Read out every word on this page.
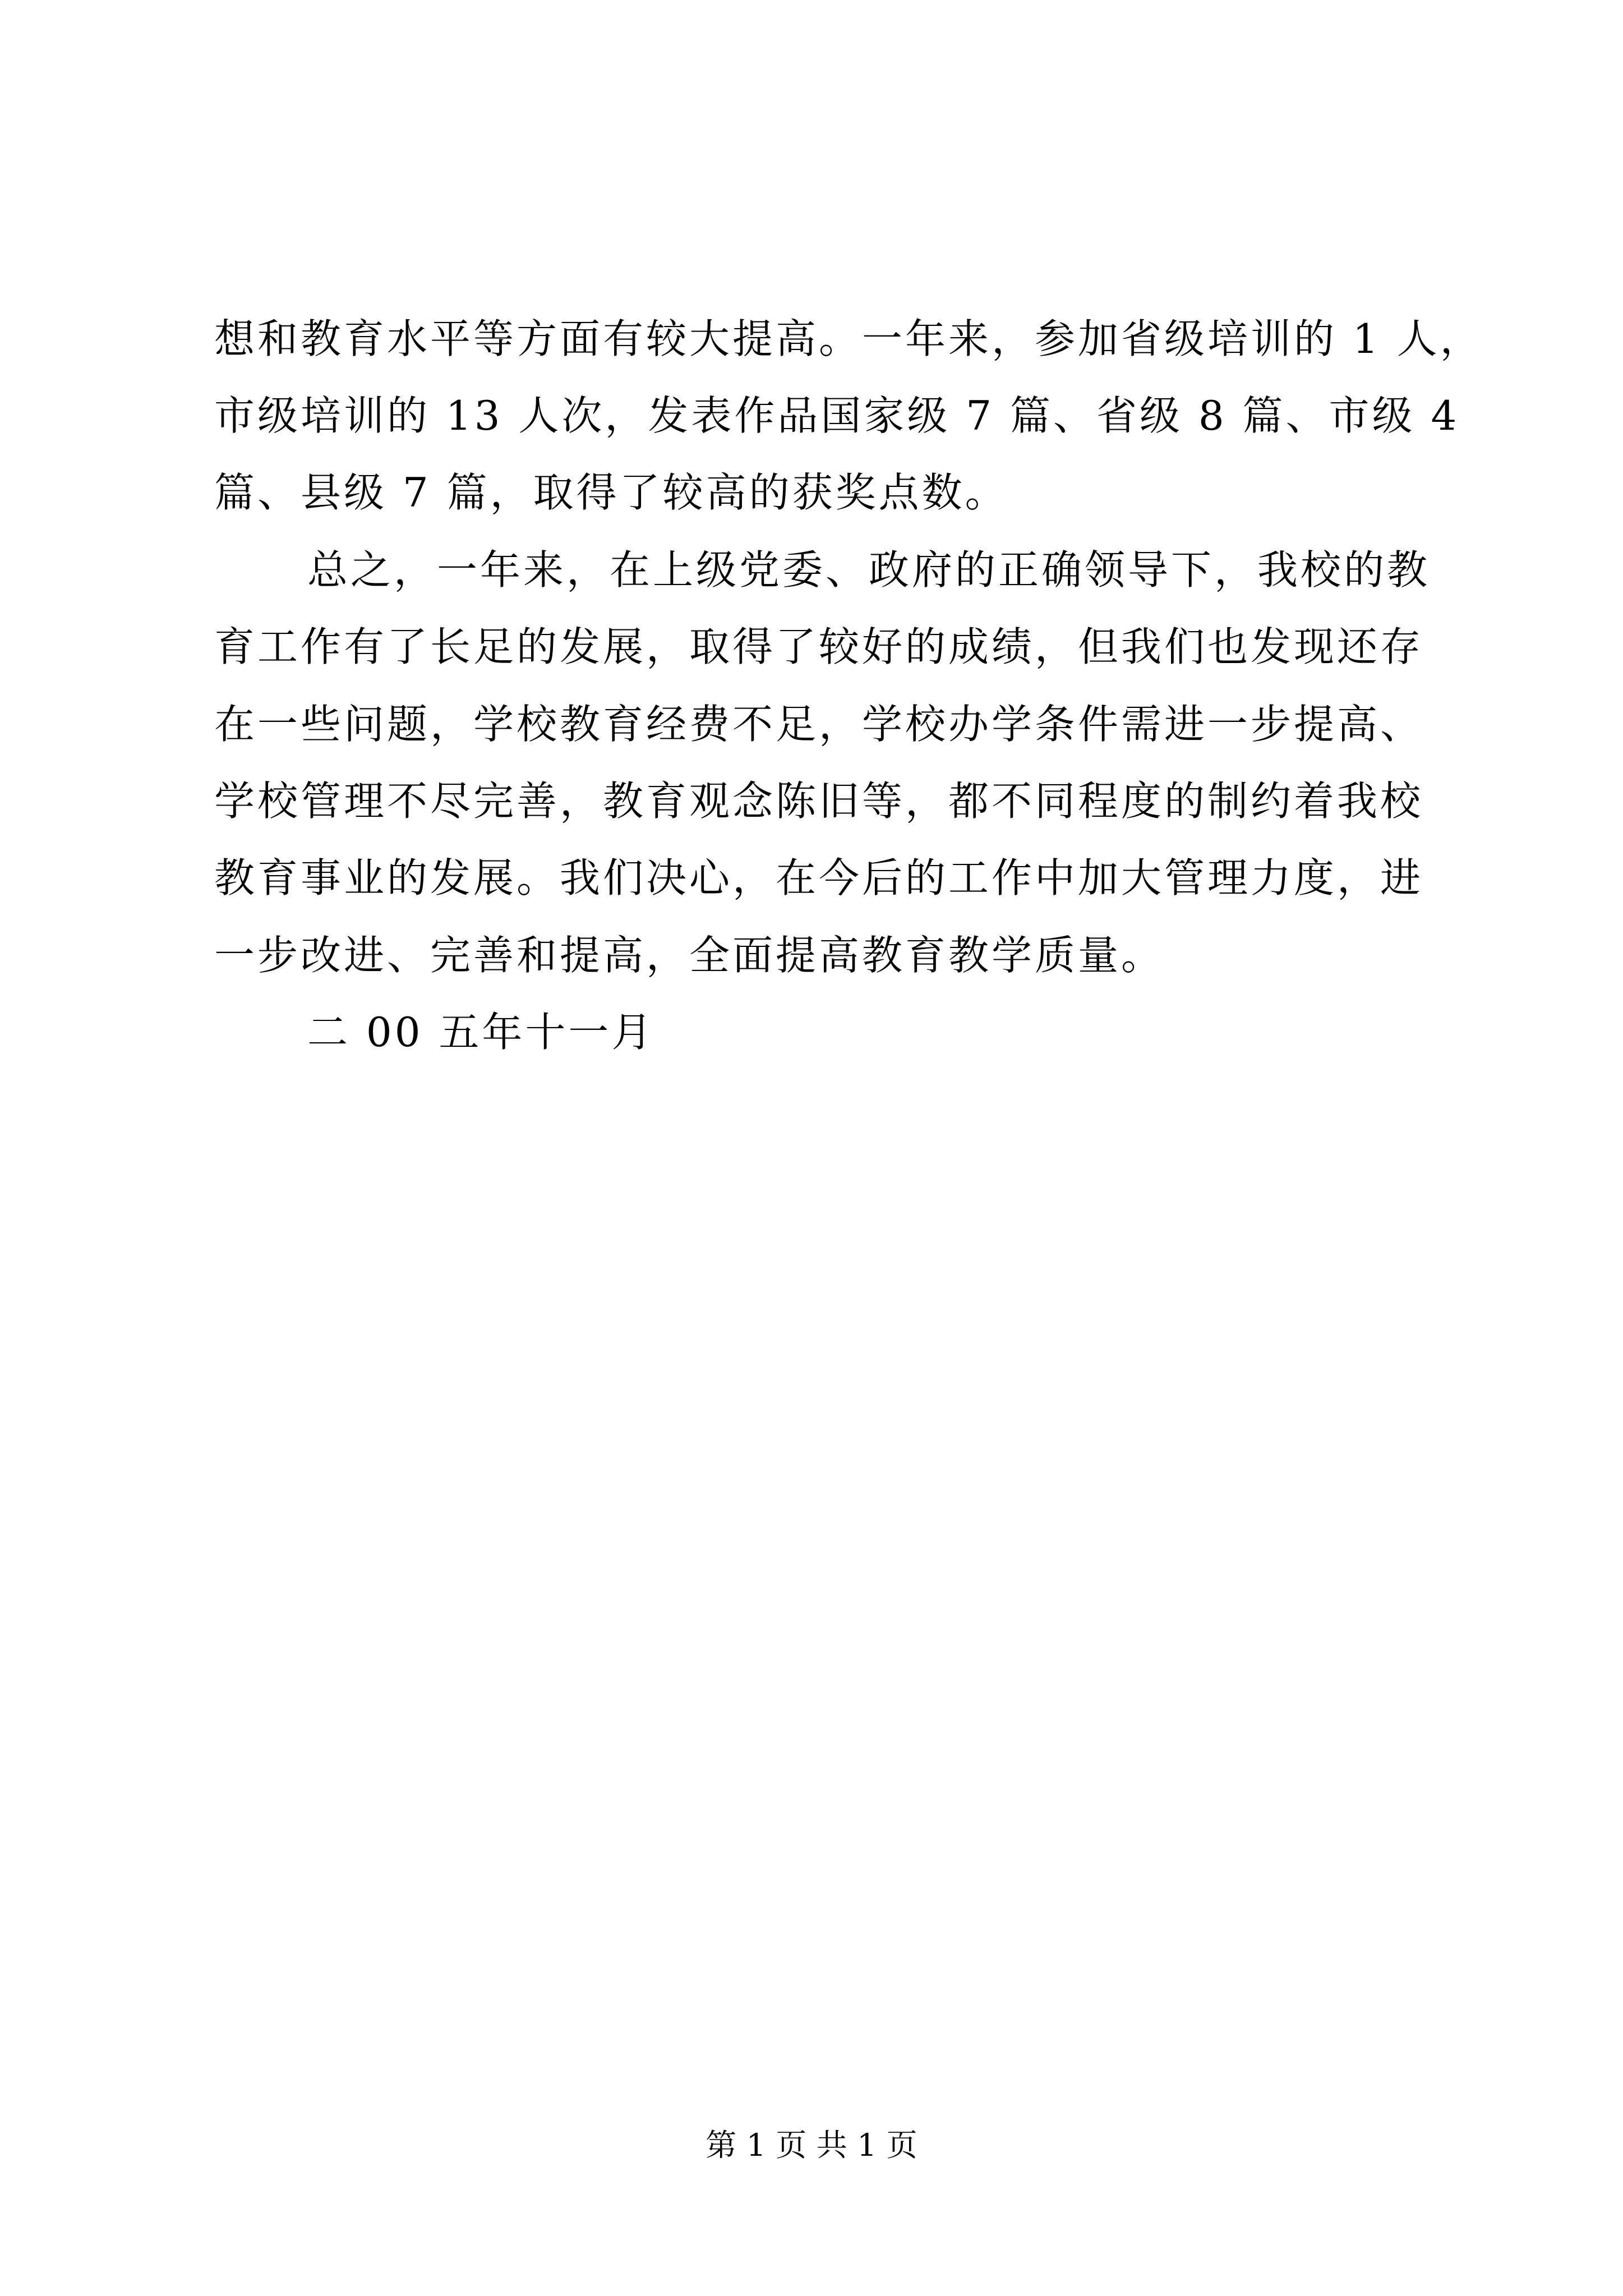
想和教育水平等方面有较大提高。一年来，参加省级培训的 1 人，
市级培训的 13 人次，发表作品国家级 7 篇、省级 8 篇、市级 4
篇、县级 7 篇，取得了较高的获奖点数。
总之，一年来，在上级党委、政府的正确领导下，我校的教
育工作有了长足的发展，取得了较好的成绩，但我们也发现还存
在一些问题，学校教育经费不足，学校办学条件需进一步提高、
学校管理不尽完善，教育观念陈旧等，都不同程度的制约着我校
教育事业的发展。我们决心，在今后的工作中加大管理力度，进
一步改进、完善和提高，全面提高教育教学质量。
二 00 五年十一月
第 1 页 共 1 页
